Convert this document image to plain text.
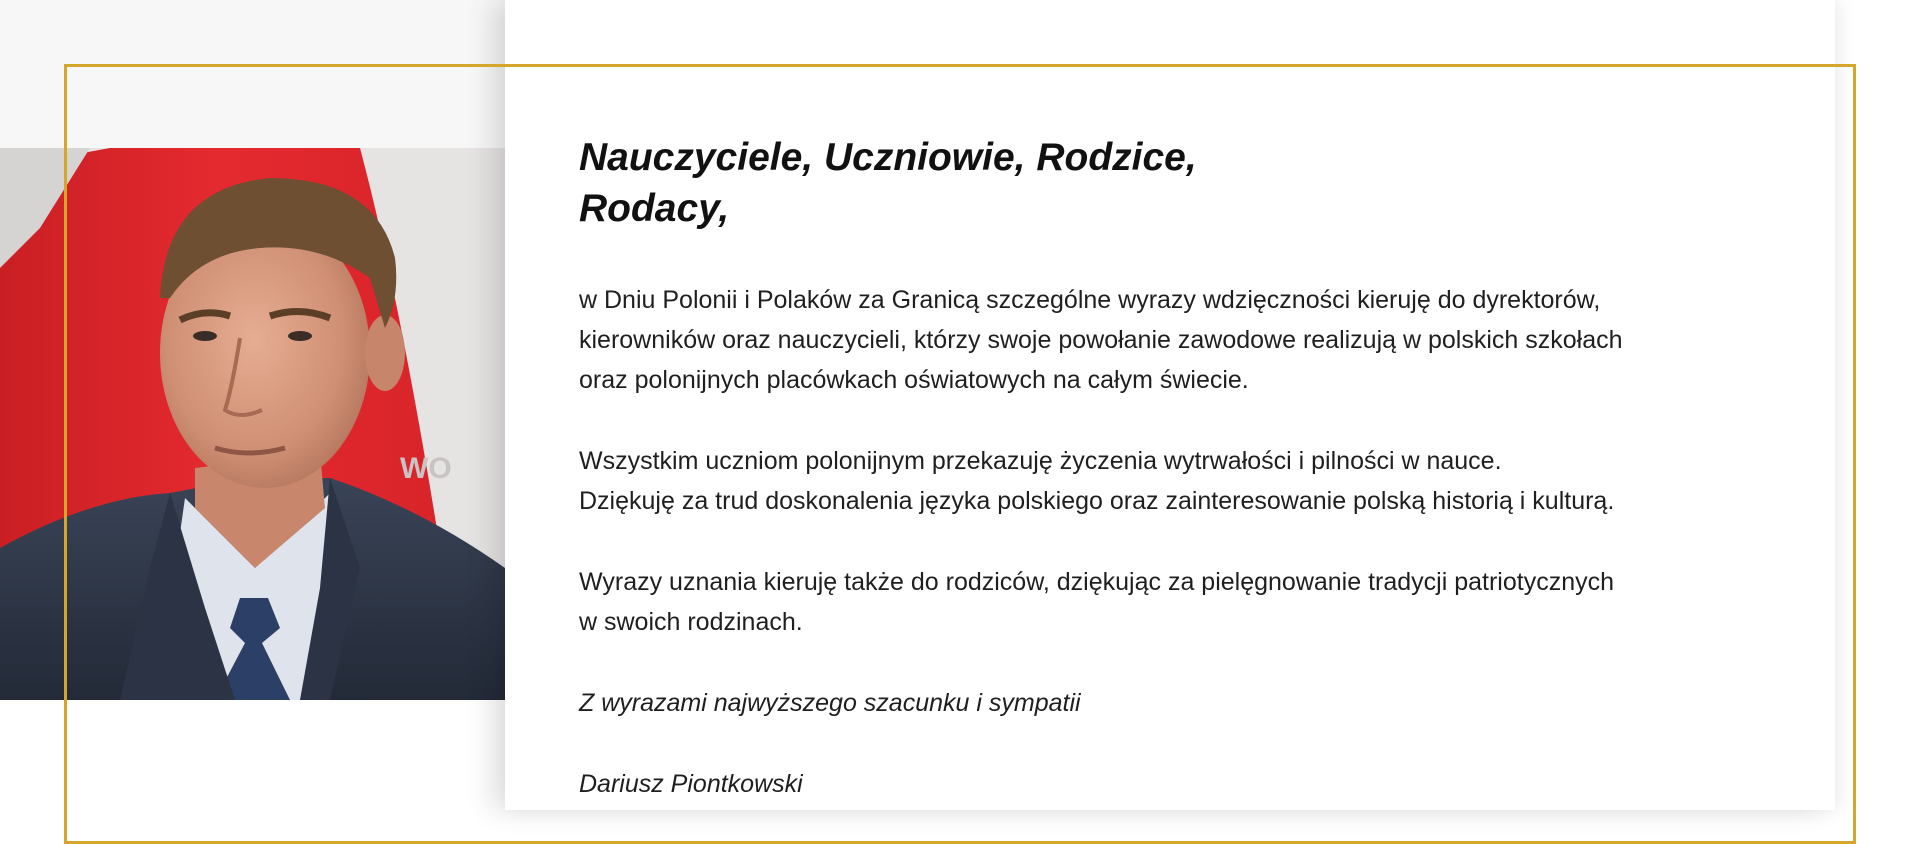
WO
Nauczyciele, Uczniowie, Rodzice,
Rodacy,
w Dniu Polonii i Polaków za Granicą szczególne wyrazy wdzięczności kieruję do dyrektorów,
kierowników oraz nauczycieli, którzy swoje powołanie zawodowe realizują w polskich szkołach
oraz polonijnych placówkach oświatowych na całym świecie.
Wszystkim uczniom polonijnym przekazuję życzenia wytrwałości i pilności w nauce.
Dziękuję za trud doskonalenia języka polskiego oraz zainteresowanie polską historią i kulturą.
Wyrazy uznania kieruję także do rodziców, dziękując za pielęgnowanie tradycji patriotycznych
w swoich rodzinach.
Z wyrazami najwyższego szacunku i sympatii
Dariusz Piontkowski
